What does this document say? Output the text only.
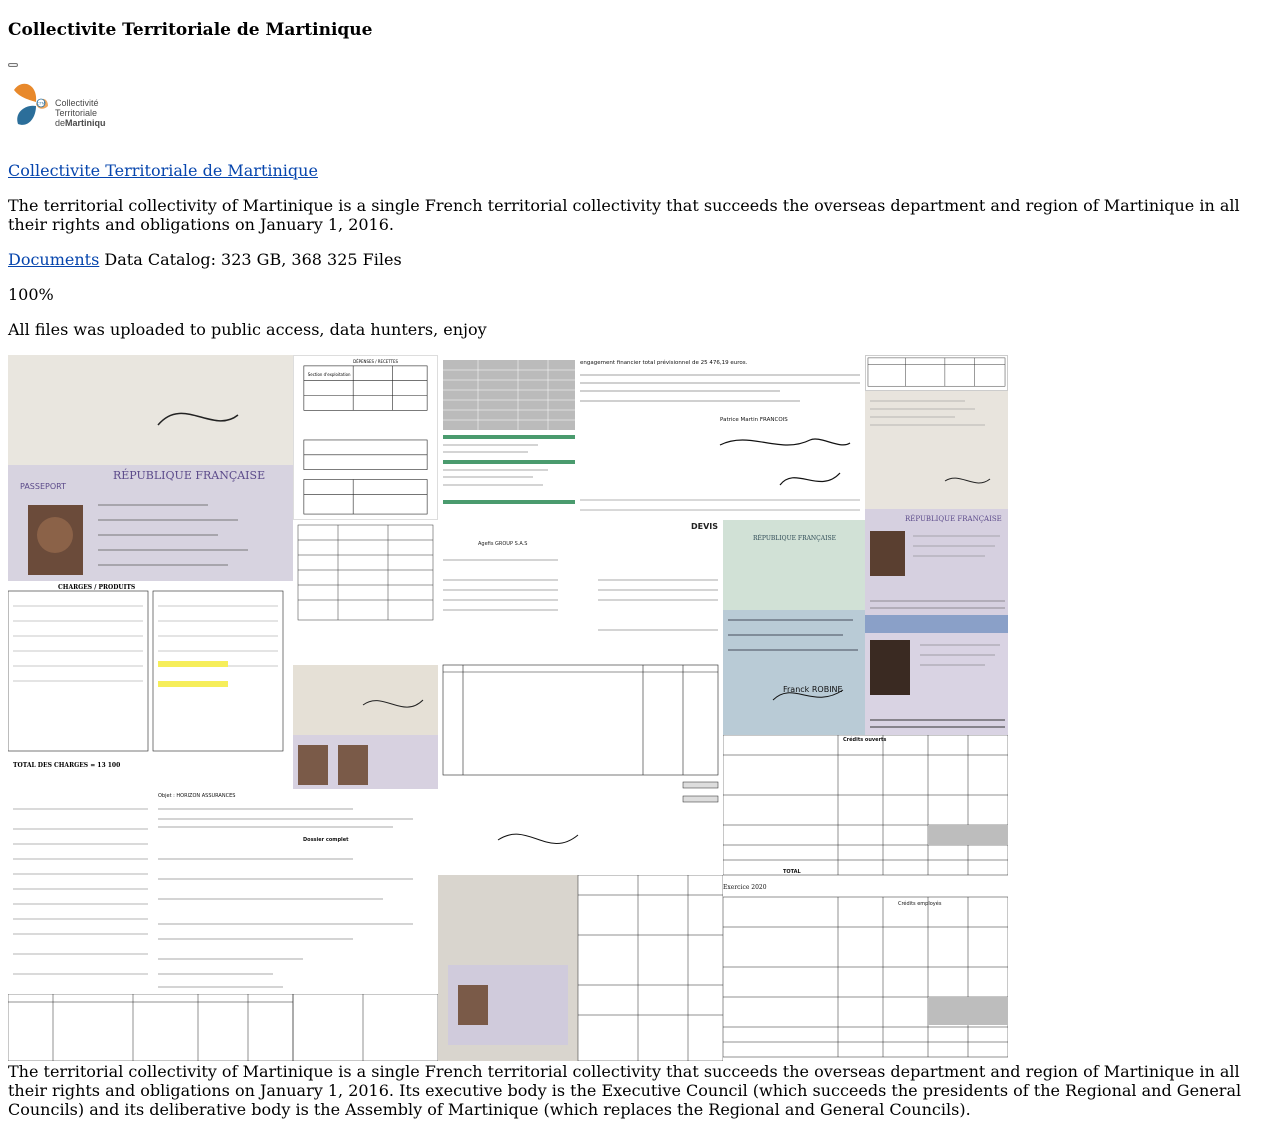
Collectivite Territoriale de Martinique
CTM Collectivité
Territoriale
deMartinique

Collectivite Territoriale de Martinique

The territorial collectivity of Martinique is a single French territorial collectivity that succeeds the overseas department and region of Martinique in all their rights and obligations on January 1, 2016.

Documents Data Catalog: 323 GB, 368 325 Files

100%

All files was uploaded to public access, data hunters, enjoy

RÉPUBLIQUE FRANÇAISE
PASSEPORT
DÉPENSES / RECETTES
Section d'exploitation
engagement financier total prévisionnel de 25 476,19 euros.
Patrice Martin FRANCOIS
RÉPUBLIQUE FRANÇAISE
CHARGES / PRODUITS
TOTAL DES CHARGES = 13 100
DEVIS
Agefis GROUP S.A.S
RÉPUBLIQUE FRANÇAISE
Franck ROBINE
Objet : HORIZON ASSURANCES
Dossier complet
Crédits ouverts
TOTAL
Exercice 2020
Crédits employés

The territorial collectivity of Martinique is a single French territorial collectivity that succeeds the overseas department and region of Martinique in all their rights and obligations on January 1, 2016. Its executive body is the Executive Council (which succeeds the presidents of the Regional and General Councils) and its deliberative body is the Assembly of Martinique (which replaces the Regional and General Councils).
